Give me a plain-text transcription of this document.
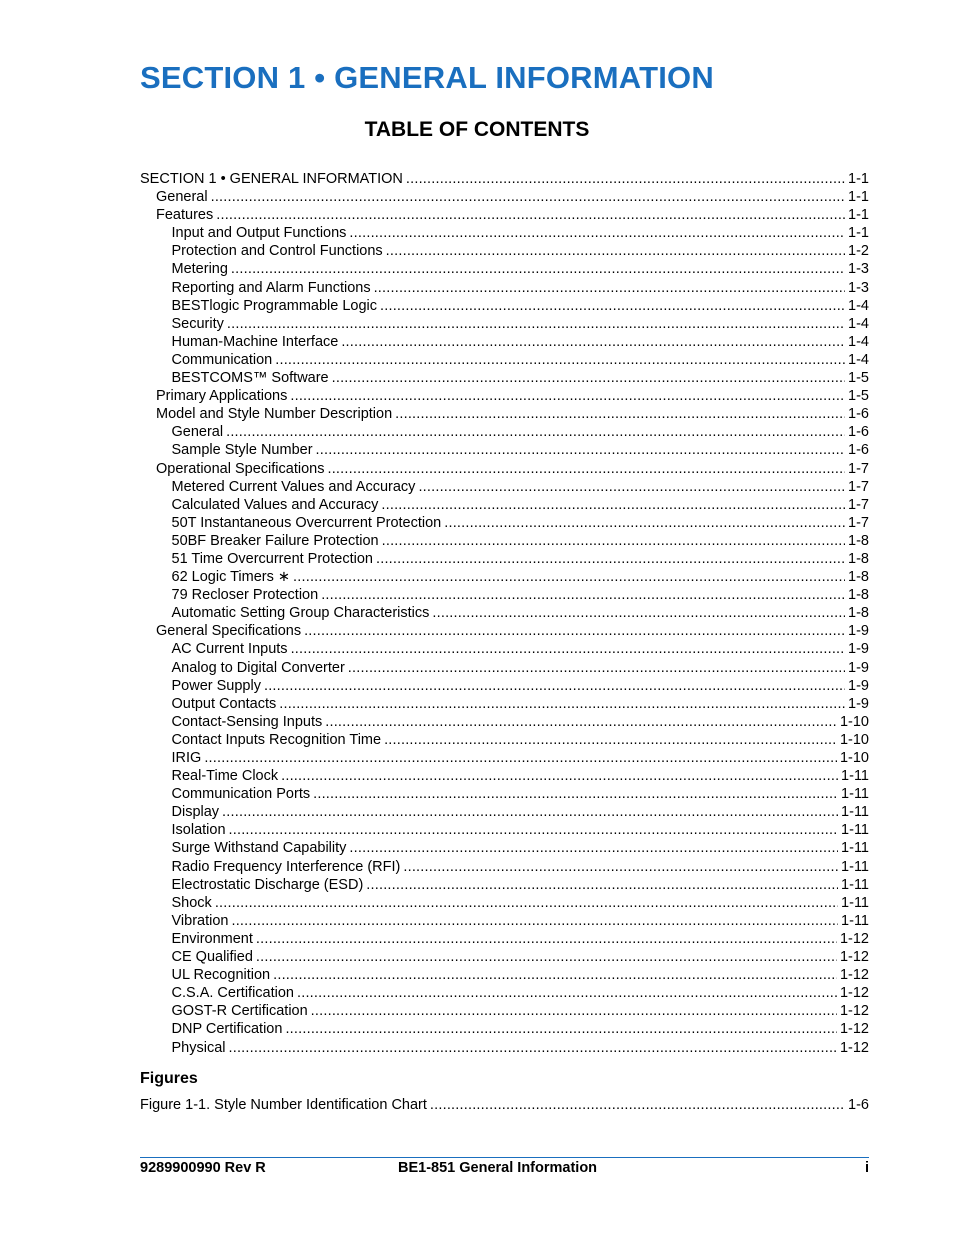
SECTION 1 • GENERAL INFORMATION
TABLE OF CONTENTS
SECTION 1 • GENERAL INFORMATION .....	1-1
General .....	1-1
Features .....	1-1
Input and Output Functions .....	1-1
Protection and Control Functions .....	1-2
Metering .....	1-3
Reporting and Alarm Functions .....	1-3
BESTlogic Programmable Logic .....	1-4
Security .....	1-4
Human-Machine Interface .....	1-4
Communication .....	1-4
BESTCOMS™ Software .....	1-5
Primary Applications .....	1-5
Model and Style Number Description .....	1-6
General .....	1-6
Sample Style Number .....	1-6
Operational Specifications .....	1-7
Metered Current Values and Accuracy .....	1-7
Calculated Values and Accuracy .....	1-7
50T Instantaneous Overcurrent Protection .....	1-7
50BF Breaker Failure Protection .....	1-8
51 Time Overcurrent Protection .....	1-8
62 Logic Timers ∗ .....	1-8
79 Recloser Protection .....	1-8
Automatic Setting Group Characteristics .....	1-8
General Specifications .....	1-9
AC Current Inputs .....	1-9
Analog to Digital Converter .....	1-9
Power Supply .....	1-9
Output Contacts .....	1-9
Contact-Sensing Inputs .....	1-10
Contact Inputs Recognition Time .....	1-10
IRIG .....	1-10
Real-Time Clock .....	1-11
Communication Ports .....	1-11
Display .....	1-11
Isolation .....	1-11
Surge Withstand Capability .....	1-11
Radio Frequency Interference (RFI) .....	1-11
Electrostatic Discharge (ESD) .....	1-11
Shock .....	1-11
Vibration .....	1-11
Environment .....	1-12
CE Qualified .....	1-12
UL Recognition .....	1-12
C.S.A. Certification .....	1-12
GOST-R Certification .....	1-12
DNP Certification .....	1-12
Physical .....	1-12
Figures
Figure 1-1. Style Number Identification Chart .....	1-6
9289900990 Rev R	BE1-851 General Information	i
